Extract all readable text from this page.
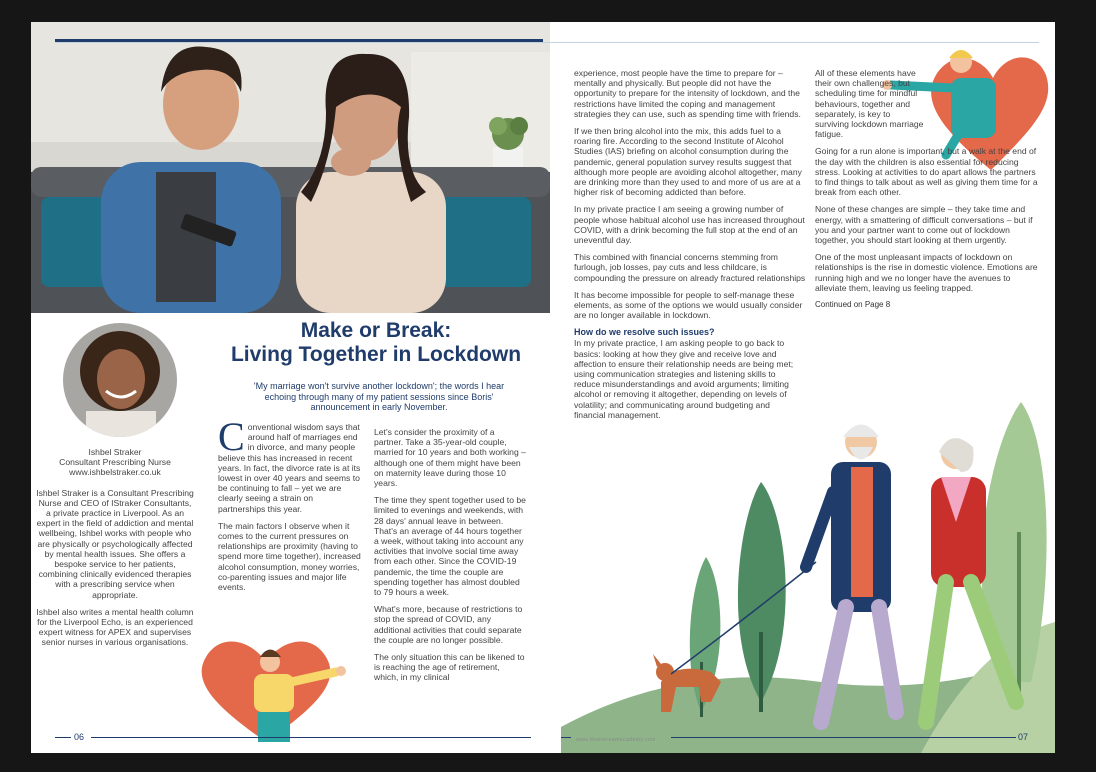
Make or Break:
Living Together in Lockdown
'My marriage won't survive another lockdown'; the words I hear echoing through many of my patient sessions since Boris' announcement in early November.
Ishbel Straker
Consultant Prescribing Nurse
www.ishbelstraker.co.uk
Ishbel Straker is a Consultant Prescribing Nurse and CEO of IStraker Consultants, a private practice in Liverpool. As an expert in the field of addiction and mental wellbeing, Ishbel works with people who are physically or psychologically affected by mental health issues. She offers a bespoke service to her patients, combining clinically evidenced therapies with a prescribing service when appropriate.
Ishbel also writes a mental health column for the Liverpool Echo, is an experienced expert witness for APEX and supervises senior nurses in various organisations.
Conventional wisdom says that around half of marriages end in divorce, and many people believe this has increased in recent years. In fact, the divorce rate is at its lowest in over 40 years and seems to be continuing to fall – yet we are clearly seeing a strain on partnerships this year.
The main factors I observe when it comes to the current pressures on relationships are proximity (having to spend more time together), increased alcohol consumption, money worries, co-parenting issues and major life events.
Let's consider the proximity of a partner. Take a 35-year-old couple, married for 10 years and both working – although one of them might have been on maternity leave during those 10 years.
The time they spent together used to be limited to evenings and weekends, with 28 days' annual leave in between. That's an average of 44 hours together a week, without taking into account any activities that involve social time away from each other. Since the COVID-19 pandemic, the time the couple are spending together has almost doubled to 79 hours a week.
What's more, because of restrictions to stop the spread of COVID, any additional activities that could separate the couple are no longer possible.
The only situation this can be likened to is reaching the age of retirement, which, in my clinical
06
experience, most people have the time to prepare for – mentally and physically. But people did not have the opportunity to prepare for the intensity of lockdown, and the restrictions have limited the coping and management strategies they can use, such as spending time with friends.
If we then bring alcohol into the mix, this adds fuel to a roaring fire. According to the second Institute of Alcohol Studies (IAS) briefing on alcohol consumption during the pandemic, general population survey results suggest that although more people are avoiding alcohol altogether, many are drinking more than they used to and more of us are at a higher risk of becoming addicted than before.
In my private practice I am seeing a growing number of people whose habitual alcohol use has increased throughout COVID, with a drink becoming the full stop at the end of an uneventful day.
This combined with financial concerns stemming from furlough, job losses, pay cuts and less childcare, is compounding the pressure on already fractured relationships
It has become impossible for people to self-manage these elements, as some of the options we would usually consider are no longer available in lockdown.
How do we resolve such issues?
In my private practice, I am asking people to go back to basics: looking at how they give and receive love and affection to ensure their relationship needs are being met; using communication strategies and listening skills to reduce misunderstandings and avoid arguments; limiting alcohol or removing it altogether, depending on levels of volatility; and communicating around budgeting and financial management.
All of these elements have their own challenges, but scheduling time for mindful behaviours, together and separately, is key to surviving lockdown marriage fatigue.
Going for a run alone is important, but a walk at the end of the day with the children is also essential for reducing stress. Looking at activities to do apart allows the partners to find things to talk about as well as giving them time for a break from each other.
None of these changes are simple – they take time and energy, with a smattering of difficult conversations – but if you and your partner want to come out of lockdown together, you should start looking at them urgently.
One of the most unpleasant impacts of lockdown on relationships is the rise in domestic violence. Emotions are running high and we no longer have the avenues to alleviate them, leaving us feeling trapped.
Continued on Page 8
www.bluestreamacademy.com	07
